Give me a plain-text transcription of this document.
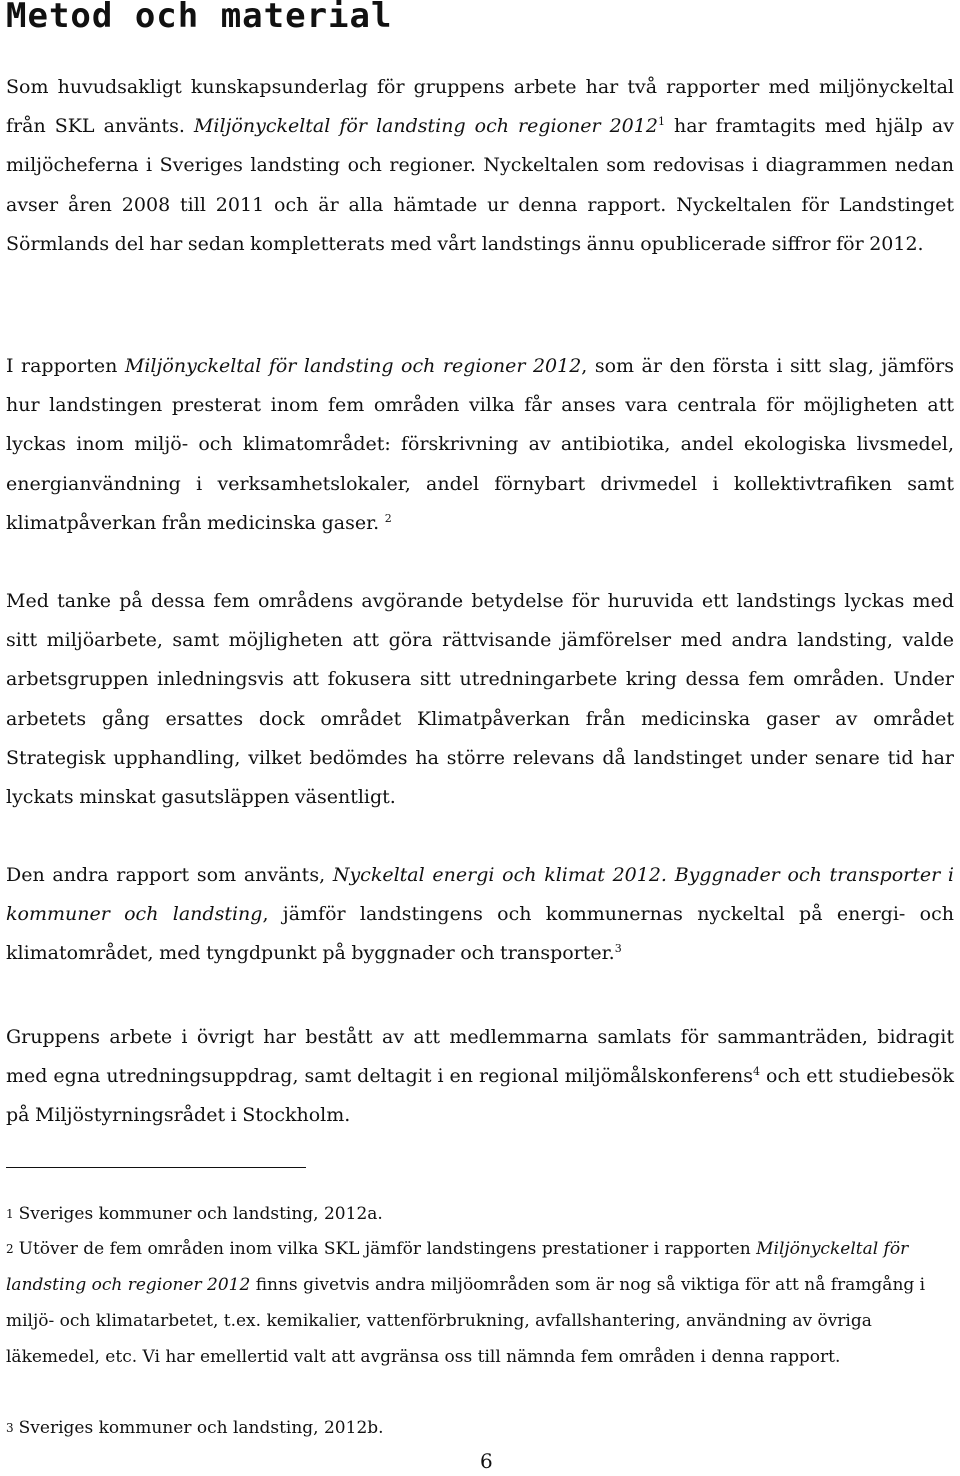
Metod och material

Som huvudsakligt kunskapsunderlag för gruppens arbete har två rapporter med miljönyckeltal från SKL använts. Miljönyckeltal för landsting och regioner 2012$^1$ har framtagits med hjälp av miljöcheferna i Sveriges landsting och regioner. Nyckeltalen som redovisas i diagrammen nedan avser åren 2008 till 2011 och är alla hämtade ur denna rapport. Nyckeltalen för Landstinget Sörmlands del har sedan kompletterats med vårt landstings ännu opublicerade siffror för 2012.

I rapporten Miljönyckeltal för landsting och regioner 2012, som är den första i sitt slag, jämförs hur landstingen presterat inom fem områden vilka får anses vara centrala för möjligheten att lyckas inom miljö- och klimatområdet: förskrivning av antibiotika, andel ekologiska livsmedel, energianvändning i verksamhetslokaler, andel förnybart drivmedel i kollektivtrafiken samt klimatpåverkan från medicinska gaser. $^2$

Med tanke på dessa fem områdens avgörande betydelse för huruvida ett landstings lyckas med sitt miljöarbete, samt möjligheten att göra rättvisande jämförelser med andra landsting, valde arbetsgruppen inledningsvis att fokusera sitt utredningarbete kring dessa fem områden. Under arbetets gång ersattes dock området Klimatpåverkan från medicinska gaser av området Strategisk upphandling, vilket bedömdes ha större relevans då landstinget under senare tid har lyckats minskat gasutsläppen väsentligt.

Den andra rapport som använts, Nyckeltal energi och klimat 2012. Byggnader och transporter i kommuner och landsting, jämför landstingens och kommunernas nyckeltal på energi- och klimatområdet, med tyngdpunkt på byggnader och transporter.$^3$

Gruppens arbete i övrigt har bestått av att medlemmarna samlats för sammanträden, bidragit med egna utredningsuppdrag, samt deltagit i en regional miljömålskonferens$^4$ och ett studiebesök på Miljöstyrningsrådet i Stockholm.

1 Sveriges kommuner och landsting, 2012a.

2 Utöver de fem områden inom vilka SKL jämför landstingens prestationer i rapporten Miljönyckeltal för landsting och regioner 2012 finns givetvis andra miljöområden som är nog så viktiga för att nå framgång i miljö- och klimatarbetet, t.ex. kemikalier, vattenförbrukning, avfallshantering, användning av övriga läkemedel, etc. Vi har emellertid valt att avgränsa oss till nämnda fem områden i denna rapport.

3 Sveriges kommuner och landsting, 2012b.

6
